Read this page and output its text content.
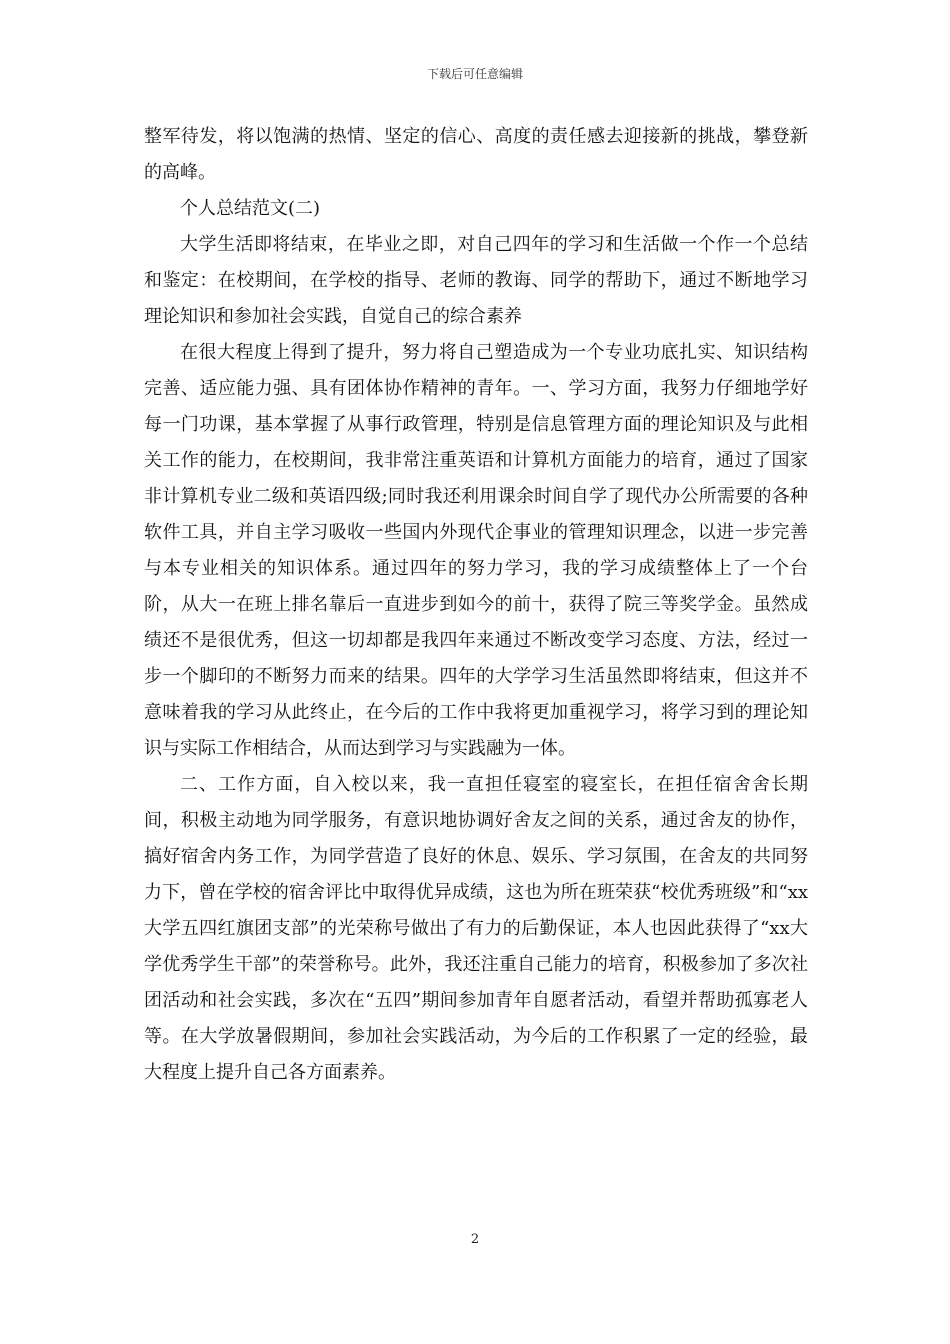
下载后可任意编辑

整军待发，将以饱满的热情、坚定的信心、高度的责任感去迎接新的挑战，攀登新的高峰。

个人总结范文(二)

大学生活即将结束，在毕业之即，对自己四年的学习和生活做一个作一个总结和鉴定：在校期间，在学校的指导、老师的教诲、同学的帮助下，通过不断地学习理论知识和参加社会实践，自觉自己的综合素养

在很大程度上得到了提升，努力将自己塑造成为一个专业功底扎实、知识结构完善、适应能力强、具有团体协作精神的青年。一、学习方面，我努力仔细地学好每一门功课，基本掌握了从事行政管理，特别是信息管理方面的理论知识及与此相关工作的能力，在校期间，我非常注重英语和计算机方面能力的培育，通过了国家非计算机专业二级和英语四级;同时我还利用课余时间自学了现代办公所需要的各种软件工具，并自主学习吸收一些国内外现代企事业的管理知识理念，以进一步完善与本专业相关的知识体系。通过四年的努力学习，我的学习成绩整体上了一个台阶，从大一在班上排名靠后一直进步到如今的前十，获得了院三等奖学金。虽然成绩还不是很优秀，但这一切却都是我四年来通过不断改变学习态度、方法，经过一步一个脚印的不断努力而来的结果。四年的大学学习生活虽然即将结束，但这并不意味着我的学习从此终止，在今后的工作中我将更加重视学习，将学习到的理论知识与实际工作相结合，从而达到学习与实践融为一体。

二、工作方面，自入校以来，我一直担任寝室的寝室长，在担任宿舍舍长期间，积极主动地为同学服务，有意识地协调好舍友之间的关系，通过舍友的协作，搞好宿舍内务工作，为同学营造了良好的休息、娱乐、学习氛围，在舍友的共同努力下，曾在学校的宿舍评比中取得优异成绩，这也为所在班荣获“校优秀班级”和“xx大学五四红旗团支部”的光荣称号做出了有力的后勤保证，本人也因此获得了“xx大学优秀学生干部”的荣誉称号。此外，我还注重自己能力的培育，积极参加了多次社团活动和社会实践，多次在“五四”期间参加青年自愿者活动，看望并帮助孤寡老人等。在大学放暑假期间，参加社会实践活动，为今后的工作积累了一定的经验，最大程度上提升自己各方面素养。

2
